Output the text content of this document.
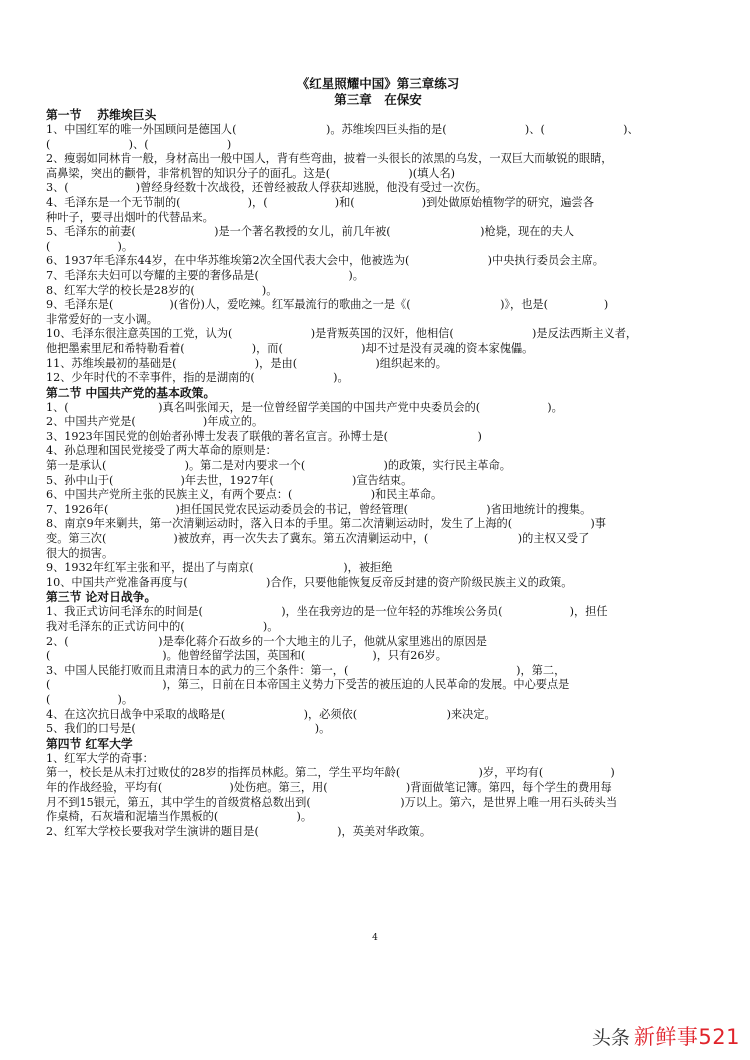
《红星照耀中国》第三章练习
第三章　在保安
第一节　 苏维埃巨头
1、中国红军的唯一外国顾问是德国人(　　　　　　　　)。苏维埃四巨头指的是(　　　　　　　)、(　　　　　　　)、
(　　　　　　　)、(　　　　　　　)
2、瘦弱如同林肯一般，身材高出一般中国人，背有些弯曲，披着一头很长的浓黑的乌发，一双巨大而敏锐的眼睛，
高鼻梁，突出的颧骨，非常机智的知识分子的面孔。这是(　　　　　　　)(填人名)
3、(　　　　　　)曾经身经数十次战役，还曾经被敌人俘获却逃脱，他没有受过一次伤。
4、毛泽东是一个无节制的(　　　　　　)，(　　　　　　)和(　　　　　　)到处做原始植物学的研究，遍尝各
种叶子，要寻出烟叶的代替品来。
5、毛泽东的前妻(　　　　　　　)是一个著名教授的女儿，前几年被(　　　　　　　　)枪毙，现在的夫人
(　　　　　　)。
6、1937年毛泽东44岁，在中华苏维埃第2次全国代表大会中，他被选为(　　　　　　　)中央执行委员会主席。
7、毛泽东夫妇可以夸耀的主要的奢侈品是(　　　　　　　　)。
8、红军大学的校长是28岁的(　　　　　　)。
9、毛泽东是(　　　　　)(省份)人，爱吃辣。红军最流行的歌曲之一是《(　　　　　　　　)》，也是(　　　　　)
非常爱好的一支小调。
10、毛泽东很注意英国的工党，认为(　　　　　　　)是背叛英国的汉奸，他相信(　　　　　　　)是反法西斯主义者，
他把墨索里尼和希特勒看着(　　　　　　)，而(　　　　　　　)却不过是没有灵魂的资本家傀儡。
11、苏维埃最初的基础是(　　　　　　　)，是由(　　　　　　　)组织起来的。
12、少年时代的不幸事件，指的是湖南的(　　　　　　　)。
第二节 中国共产党的基本政策。
1、(　　　　　　　　)真名叫张闻天，是一位曾经留学美国的中国共产党中央委员会的(　　　　　　)。
2、中国共产党是(　　　　　　)年成立的。
3、1923年国民党的创始者孙博士发表了联俄的著名宣言。孙博士是(　　　　　　　　)
4、孙总理和国民党接受了两大革命的原则是：
第一是承认(　　　　　　　)。第二是对内要求一个(　　　　　　　)的政策，实行民主革命。
5、孙中山于(　　　　　　)年去世，1927年(　　　　　　　)宣告结束。
6、中国共产党所主张的民族主义，有两个要点：(　　　　　　　)和民主革命。
7、1926年(　　　　　　)担任国民党农民运动委员会的书记，曾经管理(　　　　　　　)省田地统计的搜集。
8、南京9年来剿共，第一次清剿运动时，落入日本的手里。第二次清剿运动时，发生了上海的(　　　　　　　)事
变。第三次(　　　　　　)被放弃，再一次失去了冀东。第五次清剿运动中，(　　　　　　　　)的主权又受了
很大的损害。
9、1932年红军主张和平，提出了与南京(　　　　　　　　)，被拒绝
10、中国共产党准备再度与(　　　　　　　)合作，只要他能恢复反帝反封建的资产阶级民族主义的政策。
第三节 论对日战争。
1、我正式访问毛泽东的时间是(　　　　　　　)，坐在我旁边的是一位年轻的苏维埃公务员(　　　　　　)，担任
我对毛泽东的正式访问中的(　　　　　　　)。
2、(　　　　　　　　)是奉化蒋介石故乡的一个大地主的儿子，他就从家里逃出的原因是
(　　　　　　　　　　)。他曾经留学法国，英国和(　　　　　　)，只有26岁。
3、中国人民能打败而且肃清日本的武力的三个条件：第一，(　　　　　　　　　　　　　　　)，第二，
(　　　　　　　　　　)，第三，日前在日本帝国主义势力下受苦的被压迫的人民革命的发展。中心要点是
(　　　　　　)。
4、在这次抗日战争中采取的战略是(　　　　　　　)，必须依(　　　　　　　　)来决定。
5、我们的口号是(　　　　　　　　　　　　　　　　)。
第四节 红军大学
1、红军大学的奇事：
第一，校长是从未打过败仗的28岁的指挥员林彪。第二，学生平均年龄(　　　　　　　)岁，平均有(　　　　　　)
年的作战经验，平均有(　　　　　　)处伤疤。第三，用(　　　　　　　)背面做笔记簿。第四，每个学生的费用每
月不到15银元，第五，其中学生的首级赏格总数出到(　　　　　　　　)万以上。第六，是世界上唯一用石头砖头当
作桌椅，石灰墙和泥墙当作黑板的(　　　　　　　)。
2、红军大学校长要我对学生演讲的题目是(　　　　　　　)，英美对华政策。
4
头条 新鲜事521
